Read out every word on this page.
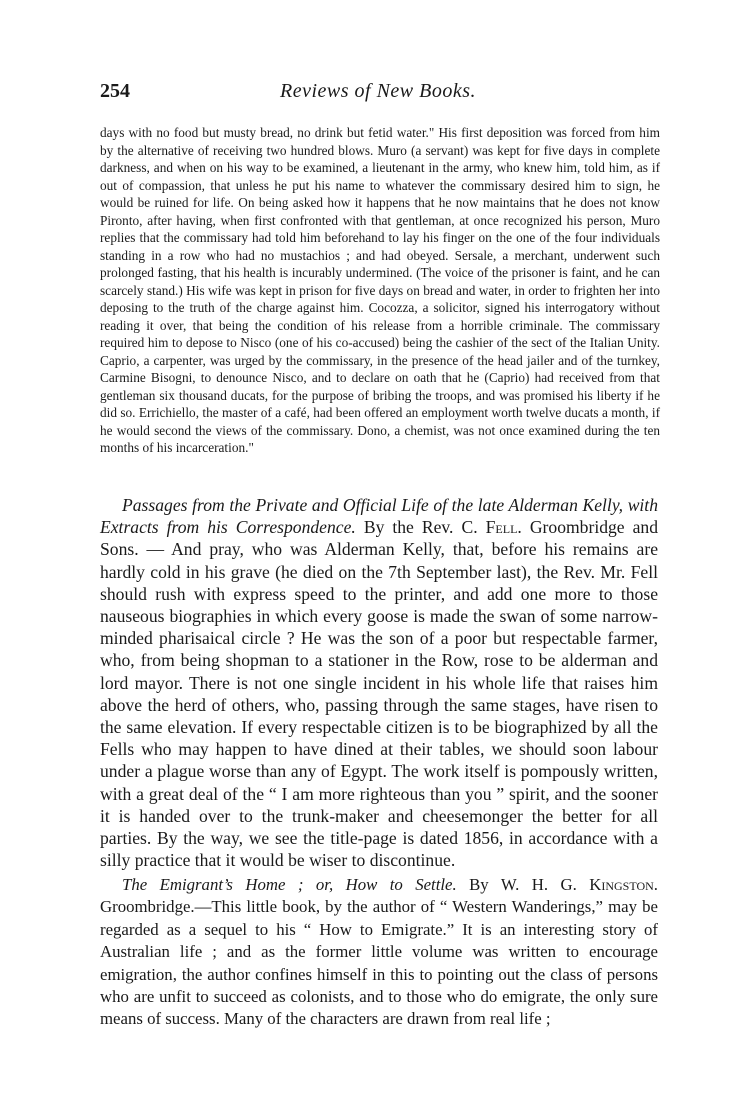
254	Reviews of New Books.

days with no food but musty bread, no drink but fetid water." His first deposition was forced from him by the alternative of receiving two hundred blows. Muro (a servant) was kept for five days in complete darkness, and when on his way to be examined, a lieutenant in the army, who knew him, told him, as if out of compassion, that unless he put his name to whatever the commissary desired him to sign, he would be ruined for life. On being asked how it happens that he now maintains that he does not know Pironto, after having, when first confronted with that gentleman, at once recognized his person, Muro replies that the commissary had told him beforehand to lay his finger on the one of the four individuals standing in a row who had no mustachios ; and had obeyed. Sersale, a merchant, underwent such prolonged fasting, that his health is incurably undermined. (The voice of the prisoner is faint, and he can scarcely stand.) His wife was kept in prison for five days on bread and water, in order to frighten her into deposing to the truth of the charge against him. Cocozza, a solicitor, signed his interrogatory without reading it over, that being the condition of his release from a horrible criminale. The commissary required him to depose to Nisco (one of his co-accused) being the cashier of the sect of the Italian Unity. Caprio, a carpenter, was urged by the commissary, in the presence of the head jailer and of the turnkey, Carmine Bisogni, to denounce Nisco, and to declare on oath that he (Caprio) had received from that gentleman six thousand ducats, for the purpose of bribing the troops, and was promised his liberty if he did so. Errichiello, the master of a café, had been offered an employment worth twelve ducats a month, if he would second the views of the commissary. Dono, a chemist, was not once examined during the ten months of his incarceration."

Passages from the Private and Official Life of the late Alderman Kelly, with Extracts from his Correspondence. By the Rev. C. Fell. Groombridge and Sons. — And pray, who was Alderman Kelly, that, before his remains are hardly cold in his grave (he died on the 7th September last), the Rev. Mr. Fell should rush with express speed to the printer, and add one more to those nauseous biographies in which every goose is made the swan of some narrow-minded pharisaical circle ? He was the son of a poor but respectable farmer, who, from being shopman to a stationer in the Row, rose to be alderman and lord mayor. There is not one single incident in his whole life that raises him above the herd of others, who, passing through the same stages, have risen to the same elevation. If every respectable citizen is to be biographized by all the Fells who may happen to have dined at their tables, we should soon labour under a plague worse than any of Egypt. The work itself is pompously written, with a great deal of the “ I am more righteous than you ” spirit, and the sooner it is handed over to the trunk-maker and cheesemonger the better for all parties. By the way, we see the title-page is dated 1856, in accordance with a silly practice that it would be wiser to discontinue.

The Emigrant’s Home ; or, How to Settle. By W. H. G. Kingston. Groombridge.—This little book, by the author of “ Western Wanderings,” may be regarded as a sequel to his “ How to Emigrate.” It is an interesting story of Australian life ; and as the former little volume was written to encourage emigration, the author confines himself in this to pointing out the class of persons who are unfit to succeed as colonists, and to those who do emigrate, the only sure means of success. Many of the characters are drawn from real life ;
